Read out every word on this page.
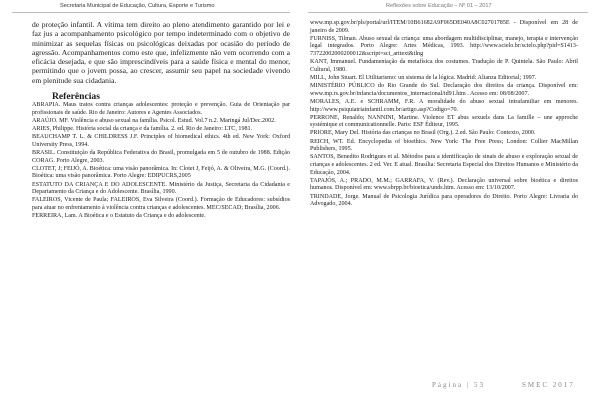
Secretaria Municipal de Educação, Cultura, Esporte e Turismo	Reflexões sobre Educação – Nº 01 – 2017

de proteção infantil. A vítima tem direito ao pleno atendimento garantido por lei e faz jus a acompanhamento psicológico por tempo indeterminado com o objetivo de minimizar as sequelas físicas ou psicológicas deixadas por ocasião do período de agressão. Acompanhamentos como este que, infelizmente não vem ocorrendo com a eficácia desejada, e que são imprescindíveis para a saúde física e mental do menor, permitindo que o jovem possa, ao crescer, assumir seu papel na sociedade vivendo em plenitude sua cidadania.

Referências

ABRAPIA. Maus tratos contra crianças adolescentes: proteção e prevenção. Guia de Orientação par profissionais de saúde. Rio de Janeiro: Autores e Agentes Associados.

ARAÚJO. MF. Violência e abuso sexual na família. Psicol. Estud. Vol.7 n.2. Maringá Jul/Dec.2002.

ARIES, Philippe. História social da criança e da família. 2. ed. Rio de Janeiro: LTC, 1981.

BEAUCHAMP T. L. & CHILDRESS J.F. Principles of biomedical ethics. 4th ed. New York: Oxford University Press, 1994.

BRASIL. Constituição da República Federativa do Brasil, promulgada em 5 de outubro de 1988. Edição CORAG. Porto Alegre, 2003.

CLOTET, J; FEIJÓ, A. Bioética: uma visão panorâmica. In: Clotet J, Feijó, A. & Oliveira, M.G. (Coord.). Bioética: uma visão panorâmica. Porto Alegre: EDIPUCRS,2005

ESTATUTO DA CRIANÇA E DO ADOLESCENTE. Ministério da Justiça, Secretaria da Cidadania e Departamento da Criança e do Adolescente. Brasília, 1990.

FALEIROS, Vicente de Paula; FALEIROS, Eva Silveira (Coord.). Formação de Educadores: subsídios para atuar no enfrentamento à violência contra crianças e adolescentes. MEC/SECAD; Brasília, 2006.

FERREIRA, Lam. A Bioética e o Estatuto da Criança e do adolescente.

www.mp.sp.gov.br/pls/portal/url/ITEM/10B61682A9F065DE040A8C02701785E - Disponível em 28 de janeiro de 2009.

FURNISS, Tilman. Abuso sexual da criança: uma abordagem multidisciplinar, manejo, terapia e intervenção legal integrados. Porto Alegre: Artes Médicas, 1993. http://www.scielo.br/scielo.php?pid=S1413-73722002000200012&script=sci_arttext&tlng

KANT, Immanuel. Fundamentação da metafísica dos costumes. Tradução de P. Quintela. São Paulo: Abril Cultural, 1980.

MILL, John Stuart. El Utilitarismo: un sistema de la lógica. Madrid: Alianza Editorial; 1997.

MINISTÉRIO PÚBLICO do Rio Grande do Sul. Declaração dos direitos da criança. Disponível em: www.mp.rs.gov.br/infancia/documentos_internacional/id91.htm . Acesso em: 08/08/2007.

MORALES, A.E. e SCHRAMM, F.R. A moralidade do abuso sexual intrafamiliar em menores. http://www.psiquiatriainfantil.com.br/artigo.asp?Codigo=70.

PERRONE, Renaldo; NANNINI, Martine. Violence ET abus sexuels dans La famille – une approche systémique et communicationnelle. Paris: ESF Éditeur, 1995.

PRIORE, Mary Del. História das crianças no Brasil (Org.). 2.ed. São Paulo: Contexto, 2000.

REICH, WT. Ed. Encyclopedia of bioethics. New York: The Free Press; London: Collier MacMillan Publishers, 1995.

SANTOS, Benedito Rodrigues et al. Métodos para a identificação de sinais de abuso e exploração sexual de crianças e adolescentes. 2 ed. Ver. E atual. Brasília: Secretaria Especial dos Direitos Humanos e Ministério da Educação, 2004.

TAPAJÓS, A.; PRADO, M.M.; GARRAFA, V. (Rev.). Declaração universal sobre bioética e direitos humanos. Disponível em: www.sbrpp.br/bioetica/unds.htm. Acesso em: 13/10/2007.

TRINDADE, Jorge. Manual de Psicologia Jurídica para operadores do Direito. Porto Alegre: Livraria do Advogado, 2004.

Página | 53	SMEC 2017
